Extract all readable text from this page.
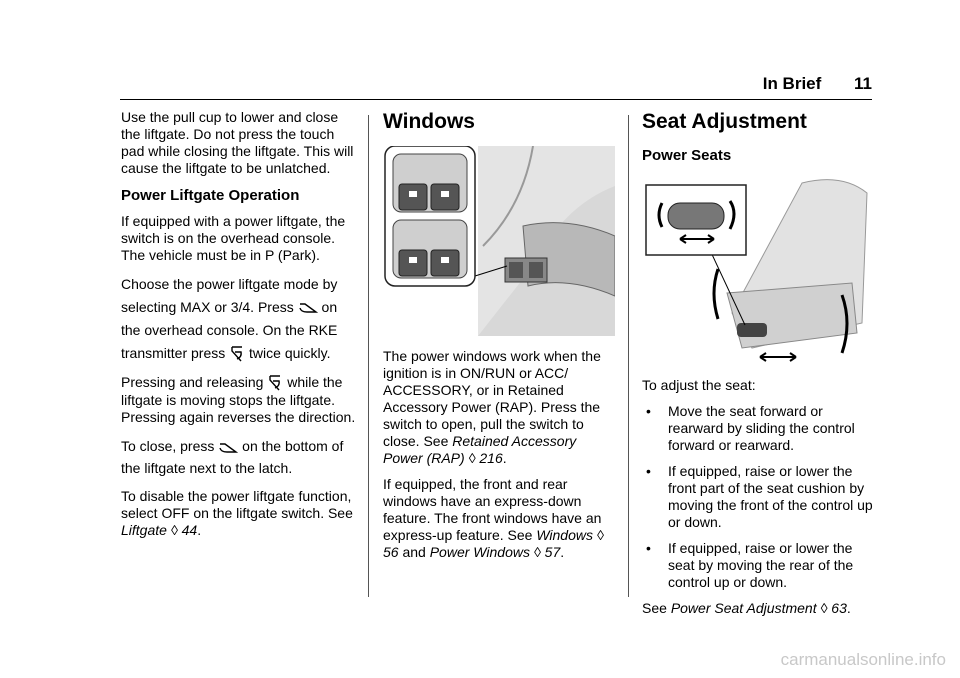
In Brief 11

Use the pull cup to lower and close the liftgate. Do not press the touch pad while closing the liftgate. This will cause the liftgate to be unlatched.

Power Liftgate Operation

If equipped with a power liftgate, the switch is on the overhead console. The vehicle must be in P (Park).

Choose the power liftgate mode by selecting MAX or 3/4. Press on the overhead console. On the RKE transmitter press twice quickly.

Pressing and releasing while the liftgate is moving stops the liftgate. Pressing again reverses the direction.

To close, press on the bottom of the liftgate next to the latch.

To disable the power liftgate function, select OFF on the liftgate switch. See Liftgate ◊ 44.

Windows

The power windows work when the ignition is in ON/RUN or ACC/ ACCESSORY, or in Retained Accessory Power (RAP). Press the switch to open, pull the switch to close. See Retained Accessory Power (RAP) ◊ 216.

If equipped, the front and rear windows have an express-down feature. The front windows have an express-up feature. See Windows ◊ 56 and Power Windows ◊ 57.

Seat Adjustment
Power Seats

To adjust the seat:

•	Move the seat forward or rearward by sliding the control forward or rearward.
•	If equipped, raise or lower the front part of the seat cushion by moving the front of the control up or down.
•	If equipped, raise or lower the seat by moving the rear of the control up or down.

See Power Seat Adjustment ◊ 63.

carmanualsonline.info
